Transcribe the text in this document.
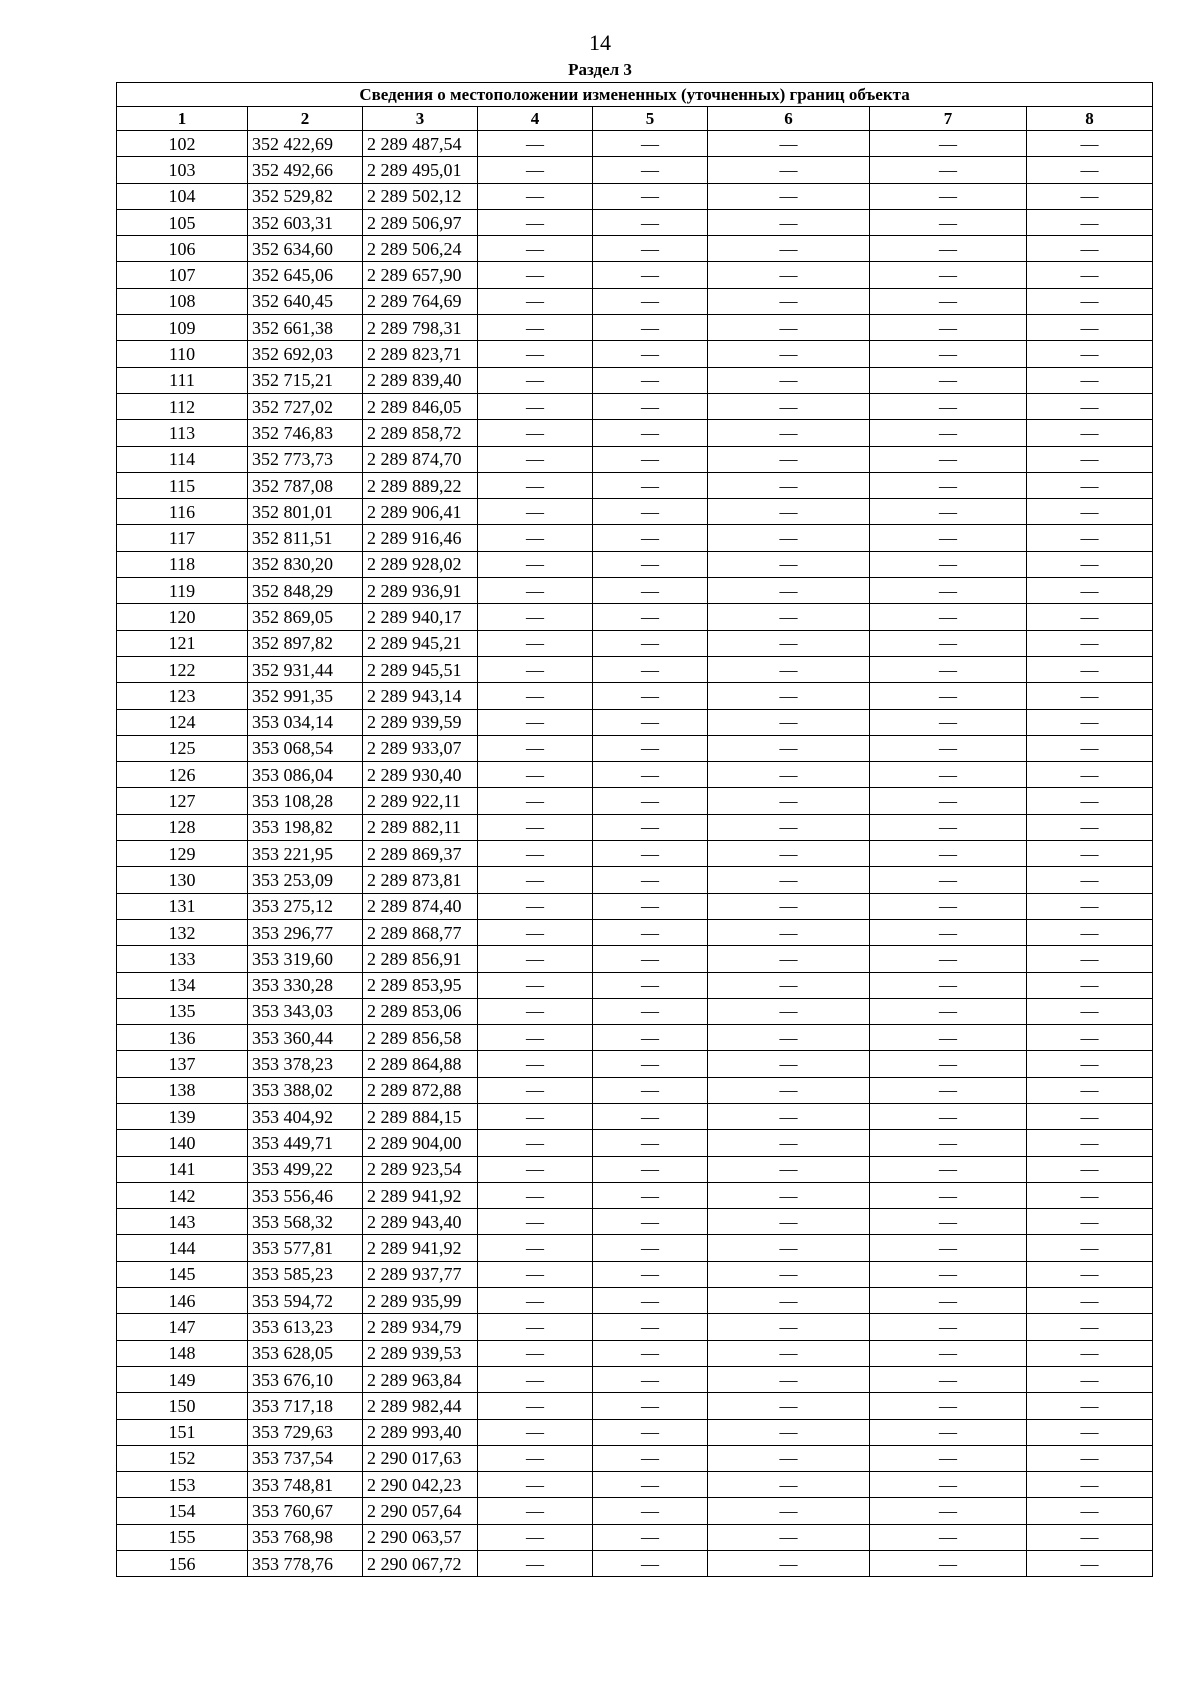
14
Раздел 3
Сведения о местоположении измененных (уточненных) границ объекта							
1	2	3	4	5	6	7	8
102	352 422,69	2 289 487,54	—	—	—	—	—
103	352 492,66	2 289 495,01	—	—	—	—	—
104	352 529,82	2 289 502,12	—	—	—	—	—
105	352 603,31	2 289 506,97	—	—	—	—	—
106	352 634,60	2 289 506,24	—	—	—	—	—
107	352 645,06	2 289 657,90	—	—	—	—	—
108	352 640,45	2 289 764,69	—	—	—	—	—
109	352 661,38	2 289 798,31	—	—	—	—	—
110	352 692,03	2 289 823,71	—	—	—	—	—
111	352 715,21	2 289 839,40	—	—	—	—	—
112	352 727,02	2 289 846,05	—	—	—	—	—
113	352 746,83	2 289 858,72	—	—	—	—	—
114	352 773,73	2 289 874,70	—	—	—	—	—
115	352 787,08	2 289 889,22	—	—	—	—	—
116	352 801,01	2 289 906,41	—	—	—	—	—
117	352 811,51	2 289 916,46	—	—	—	—	—
118	352 830,20	2 289 928,02	—	—	—	—	—
119	352 848,29	2 289 936,91	—	—	—	—	—
120	352 869,05	2 289 940,17	—	—	—	—	—
121	352 897,82	2 289 945,21	—	—	—	—	—
122	352 931,44	2 289 945,51	—	—	—	—	—
123	352 991,35	2 289 943,14	—	—	—	—	—
124	353 034,14	2 289 939,59	—	—	—	—	—
125	353 068,54	2 289 933,07	—	—	—	—	—
126	353 086,04	2 289 930,40	—	—	—	—	—
127	353 108,28	2 289 922,11	—	—	—	—	—
128	353 198,82	2 289 882,11	—	—	—	—	—
129	353 221,95	2 289 869,37	—	—	—	—	—
130	353 253,09	2 289 873,81	—	—	—	—	—
131	353 275,12	2 289 874,40	—	—	—	—	—
132	353 296,77	2 289 868,77	—	—	—	—	—
133	353 319,60	2 289 856,91	—	—	—	—	—
134	353 330,28	2 289 853,95	—	—	—	—	—
135	353 343,03	2 289 853,06	—	—	—	—	—
136	353 360,44	2 289 856,58	—	—	—	—	—
137	353 378,23	2 289 864,88	—	—	—	—	—
138	353 388,02	2 289 872,88	—	—	—	—	—
139	353 404,92	2 289 884,15	—	—	—	—	—
140	353 449,71	2 289 904,00	—	—	—	—	—
141	353 499,22	2 289 923,54	—	—	—	—	—
142	353 556,46	2 289 941,92	—	—	—	—	—
143	353 568,32	2 289 943,40	—	—	—	—	—
144	353 577,81	2 289 941,92	—	—	—	—	—
145	353 585,23	2 289 937,77	—	—	—	—	—
146	353 594,72	2 289 935,99	—	—	—	—	—
147	353 613,23	2 289 934,79	—	—	—	—	—
148	353 628,05	2 289 939,53	—	—	—	—	—
149	353 676,10	2 289 963,84	—	—	—	—	—
150	353 717,18	2 289 982,44	—	—	—	—	—
151	353 729,63	2 289 993,40	—	—	—	—	—
152	353 737,54	2 290 017,63	—	—	—	—	—
153	353 748,81	2 290 042,23	—	—	—	—	—
154	353 760,67	2 290 057,64	—	—	—	—	—
155	353 768,98	2 290 063,57	—	—	—	—	—
156	353 778,76	2 290 067,72	—	—	—	—	—
